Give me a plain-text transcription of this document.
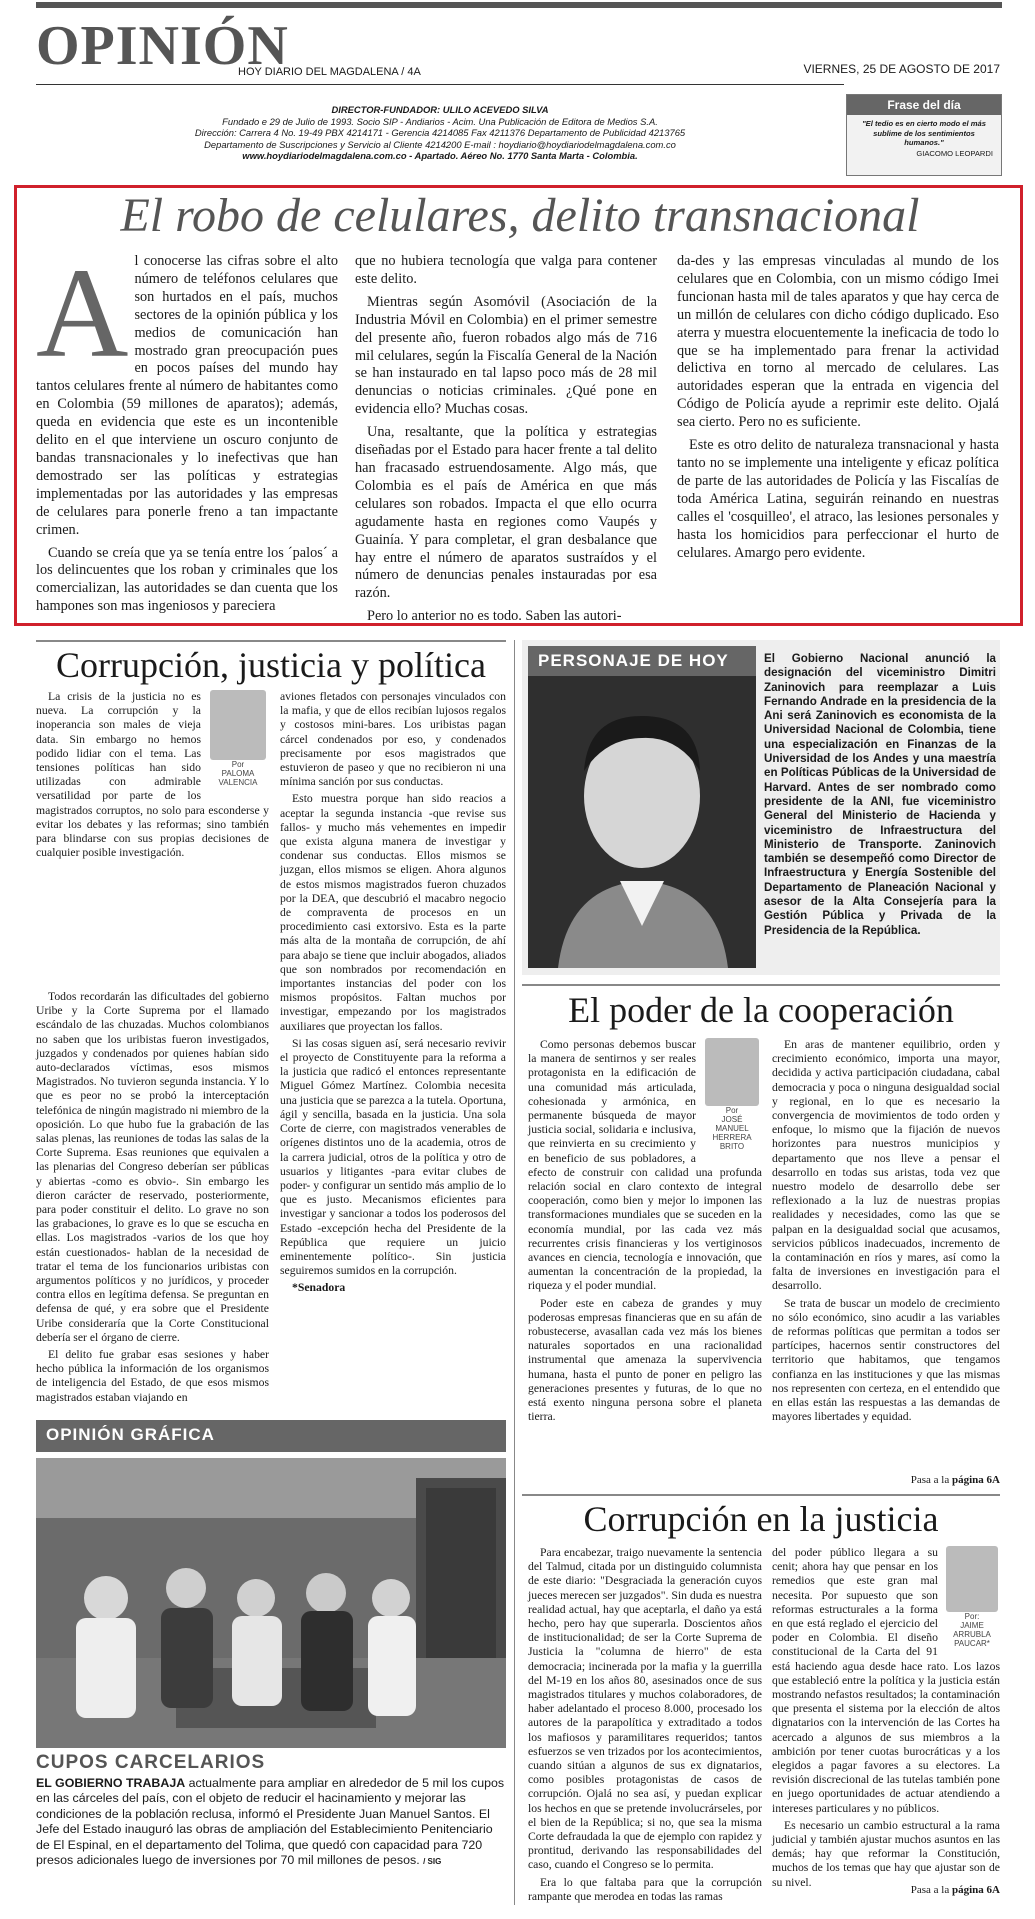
OPINIÓN
HOY DIARIO DEL MAGDALENA / 4A	VIERNES, 25 DE AGOSTO DE 2017
DIRECTOR-FUNDADOR: ULILO ACEVEDO SILVA
Fundado e 29 de Julio de 1993. Socio SIP - Andiarios - Acim. Una Publicación de Editora de Medios S.A.
Dirección: Carrera 4 No. 19-49 PBX 4214171 - Gerencia 4214085 Fax 4211376 Departamento de Publicidad 4213765
Departamento de Suscripciones y Servicio al Cliente 4214200 E-mail : hoydiario@hoydiariodelmagdalena.com.co
www.hoydiariodelmagdalena.com.co - Apartado. Aéreo No. 1770 Santa Marta - Colombia.
Frase del día
"El tedio es en cierto modo el más sublime de los sentimientos humanos."
GIACOMO LEOPARDI
El robo de celulares, delito transnacional
A l conocerse las cifras sobre el alto número de teléfonos celulares que son hurtados en el país, muchos sectores de la opinión pública y los medios de comunicación han mostrado gran preocupación pues en pocos países del mundo hay tantos celulares frente al número de habitantes como en Colombia (59 millones de aparatos); además, queda en evidencia que este es un incontenible delito en el que interviene un oscuro conjunto de bandas transnacionales y lo inefectivas que han demostrado ser las políticas y estrategias implementadas por las autoridades y las empresas de celulares para ponerle freno a tan impactante crimen.

Cuando se creía que ya se tenía entre los ´palos´ a los delincuentes que los roban y criminales que los comercializan, las autoridades se dan cuenta que los hampones son mas ingeniosos y pareciera

que no hubiera tecnología que valga para contener este delito.

Mientras según Asomóvil (Asociación de la Industria Móvil en Colombia) en el primer semestre del presente año, fueron robados algo más de 716 mil celulares, según la Fiscalía General de la Nación se han instaurado en tal lapso poco más de 28 mil denuncias o noticias criminales. ¿Qué pone en evidencia ello? Muchas cosas.

Una, resaltante, que la política y estrategias diseñadas por el Estado para hacer frente a tal delito han fracasado estruendosamente. Algo más, que Colombia es el país de América en que más celulares son robados. Impacta el que ello ocurra agudamente hasta en regiones como Vaupés y Guainía. Y para completar, el gran desbalance que hay entre el número de aparatos sustraídos y el número de denuncias penales instauradas por esa razón.

Pero lo anterior no es todo. Saben las autori-

da-des y las empresas vinculadas al mundo de los celulares que en Colombia, con un mismo código Imei funcionan hasta mil de tales aparatos y que hay cerca de un millón de celulares con dicho código duplicado. Eso aterra y muestra elocuentemente la ineficacia de todo lo que se ha implementado para frenar la actividad delictiva en torno al mercado de celulares. Las autoridades esperan que la entrada en vigencia del Código de Policía ayude a reprimir este delito. Ojalá sea cierto. Pero no es suficiente.

Este es otro delito de naturaleza transnacional y hasta tanto no se implemente una inteligente y eficaz política de parte de las autoridades de Policía y las Fiscalías de toda América Latina, seguirán reinando en nuestras calles el 'cosquilleo', el atraco, las lesiones personales y hasta los homicidios para perfeccionar el hurto de celulares. Amargo pero evidente.

Corrupción, justicia y política
Por
PALOMA
VALENCIA

La crisis de la justicia no es nueva. La corrupción y la inoperancia son males de vieja data. Sin embargo no hemos podido lidiar con el tema. Las tensiones políticas han sido utilizadas con admirable versatilidad por parte de los magistrados corruptos, no solo para esconderse y evitar los debates y las reformas; sino también para blindarse con sus propias decisiones de cualquier posible investigación.

Todos recordarán las dificultades del gobierno Uribe y la Corte Suprema por el llamado escándalo de las chuzadas. Muchos colombianos no saben que los uribistas fueron investigados, juzgados y condenados por quienes habían sido auto-declarados víctimas, esos mismos Magistrados. No tuvieron segunda instancia. Y lo que es peor no se probó la interceptación telefónica de ningún magistrado ni miembro de la oposición. Lo que hubo fue la grabación de las salas plenas, las reuniones de todas las salas de la Corte Suprema. Esas reuniones que equivalen a las plenarias del Congreso deberían ser públicas y abiertas -como es obvio-. Sin embargo les dieron carácter de reservado, posteriormente, para poder constituir el delito. Lo grave no son las grabaciones, lo grave es lo que se escucha en ellas. Los magistrados -varios de los que hoy están cuestionados- hablan de la necesidad de tratar el tema de los funcionarios uribistas con argumentos políticos y no jurídicos, y proceder contra ellos en legítima defensa. Se preguntan en defensa de qué, y era sobre que el Presidente Uribe consideraría que la Corte Constitucional debería ser el órgano de cierre.

El delito fue grabar esas sesiones y haber hecho pública la información de los organismos de inteligencia del Estado, de que esos mismos magistrados estaban viajando en

aviones fletados con personajes vinculados con la mafia, y que de ellos recibían lujosos regalos y costosos mini-bares. Los uribistas pagan cárcel condenados por eso, y condenados precisamente por esos magistrados que estuvieron de paseo y que no recibieron ni una mínima sanción por sus conductas.

Esto muestra porque han sido reacios a aceptar la segunda instancia -que revise sus fallos- y mucho más vehementes en impedir que exista alguna manera de investigar y condenar sus conductas. Ellos mismos se juzgan, ellos mismos se eligen. Ahora algunos de estos mismos magistrados fueron chuzados por la DEA, que descubrió el macabro negocio de compraventa de procesos en un procedimiento casi extorsivo. Esta es la parte más alta de la montaña de corrupción, de ahí para abajo se tiene que incluir abogados, aliados que son nombrados por recomendación en importantes instancias del poder con los mismos propósitos. Faltan muchos por investigar, empezando por los magistrados auxiliares que proyectan los fallos.

Si las cosas siguen así, será necesario revivir el proyecto de Constituyente para la reforma a la justicia que radicó el entonces representante Miguel Gómez Martínez. Colombia necesita una justicia que se parezca a la tutela. Oportuna, ágil y sencilla, basada en la justicia. Una sola Corte de cierre, con magistrados venerables de orígenes distintos uno de la academia, otros de la carrera judicial, otros de la política y otro de usuarios y litigantes -para evitar clubes de poder- y configurar un sentido más amplio de lo que es justo. Mecanismos eficientes para investigar y sancionar a todos los poderosos del Estado -excepción hecha del Presidente de la República que requiere un juicio eminentemente político-. Sin justicia seguiremos sumidos en la corrupción.

*Senadora
OPINIÓN GRÁFICA
CUPOS CARCELARIOS
EL GOBIERNO TRABAJA actualmente para ampliar en alrededor de 5 mil los cupos en las cárceles del país, con el objeto de reducir el hacinamiento y mejorar las condiciones de la población reclusa, informó el Presidente Juan Manuel Santos. El Jefe del Estado inauguró las obras de ampliación del Establecimiento Penitenciario de El Espinal, en el departamento del Tolima, que quedó con capacidad para 720 presos adicionales luego de inversiones por 70 mil millones de pesos. / SIG
PERSONAJE DE HOY	El Gobierno Nacional anunció la designación del viceministro Dimitri Zaninovich para reemplazar a Luis Fernando Andrade en la presidencia de la Ani será Zaninovich es economista de la Universidad Nacional de Colombia, tiene una especialización en Finanzas de la Universidad de los Andes y una maestría en Políticas Públicas de la Universidad de Harvard. Antes de ser nombrado como presidente de la ANI, fue viceministro General del Ministerio de Hacienda y viceministro de Infraestructura del Ministerio de Transporte. Zaninovich también se desempeñó como Director de Infraestructura y Energía Sostenible del Departamento de Planeación Nacional y asesor de la Alta Consejería para la Gestión Pública y Privada de la Presidencia de la República.
El poder de la cooperación
Por
JOSÉ
MANUEL
HERRERA
BRITO

Como personas debemos buscar la manera de sentirnos y ser reales protagonista en la edificación de una comunidad más articulada, cohesionada y armónica, en permanente búsqueda de mayor justicia social, solidaria e inclusiva, que reinvierta en su crecimiento y en beneficio de sus pobladores, a efecto de construir con calidad una profunda relación social en claro contexto de integral cooperación, como bien y mejor lo imponen las transformaciones mundiales que se suceden en la economía mundial, por las cada vez más recurrentes crisis financieras y los vertiginosos avances en ciencia, tecnología e innovación, que aumentan la concentración de la propiedad, la riqueza y el poder mundial.

Poder este en cabeza de grandes y muy poderosas empresas financieras que en su afán de robustecerse, avasallan cada vez más los bienes naturales soportados en una racionalidad instrumental que amenaza la supervivencia humana, hasta el punto de poner en peligro las generaciones presentes y futuras, de lo que no está exento ninguna persona sobre el planeta tierra.

En aras de mantener equilibrio, orden y crecimiento económico, importa una mayor, decidida y activa participación ciudadana, cabal democracia y poca o ninguna desigualdad social y regional, en lo que es necesario la convergencia de movimientos de todo orden y enfoque, lo mismo que la fijación de nuevos horizontes para nuestros municipios y departamento que nos lleve a pensar el desarrollo en todas sus aristas, toda vez que nuestro modelo de desarrollo debe ser reflexionado a la luz de nuestras propias realidades y necesidades, como las que se palpan en la desigualdad social que acusamos, servicios públicos inadecuados, incremento de la contaminación en ríos y mares, así como la falta de inversiones en investigación para el desarrollo.

Se trata de buscar un modelo de crecimiento no sólo económico, sino acudir a las variables de reformas políticas que permitan a todos ser partícipes, hacernos sentir constructores del territorio que habitamos, que tengamos confianza en las instituciones y que las mismas nos representen con certeza, en el entendido que en ellas están las respuestas a las demandas de mayores libertades y equidad.

Pasa a la página 6A
Corrupción en la justicia

Para encabezar, traigo nuevamente la sentencia del Talmud, citada por un distinguido columnista de este diario: "Desgraciada la generación cuyos jueces merecen ser juzgados". Sin duda es nuestra realidad actual, hay que aceptarla, el daño ya está hecho, pero hay que superarla. Doscientos años de institucionalidad; de ser la Corte Suprema de Justicia la "columna de hierro" de esta democracia; incinerada por la mafia y la guerrilla del M-19 en los años 80, asesinados once de sus magistrados titulares y muchos colaboradores, de haber adelantado el proceso 8.000, procesado los autores de la parapolítica y extraditado a todos los mafiosos y paramilitares requeridos; tantos esfuerzos se ven trizados por los acontecimientos, cuando sitúan a algunos de sus ex dignatarios, como posibles protagonistas de casos de corrupción. Ojalá no sea así, y puedan explicar los hechos en que se pretende involucrárseles, por el bien de la República; si no, que sea la misma Corte defraudada la que de ejemplo con rapidez y prontitud, derivando las responsabilidades del caso, cuando el Congreso se lo permita.

Era lo que faltaba para que la corrupción rampante que merodea en todas las ramas

Por:
JAIME
ARRUBLA
PAUCAR*

del poder público llegara a su cenit; ahora hay que pensar en los remedios que este gran mal necesita. Por supuesto que son reformas estructurales a la forma en que está reglado el ejercicio del poder en Colombia. El diseño constitucional de la Carta del 91 está haciendo agua desde hace rato. Los lazos que estableció entre la política y la justicia están mostrando nefastos resultados; la contaminación que presenta el sistema por la elección de altos dignatarios con la intervención de las Cortes ha acercado a algunos de sus miembros a la ambición por tener cuotas burocráticas y a los elegidos a pagar favores a su electores. La revisión discrecional de las tutelas también pone en juego oportunidades de actuar atendiendo a intereses particulares y no públicos.

Es necesario un cambio estructural a la rama judicial y también ajustar muchos asuntos en las demás; hay que reformar la Constitución, muchos de los temas que hay que ajustar son de su nivel.

Pasa a la página 6A
